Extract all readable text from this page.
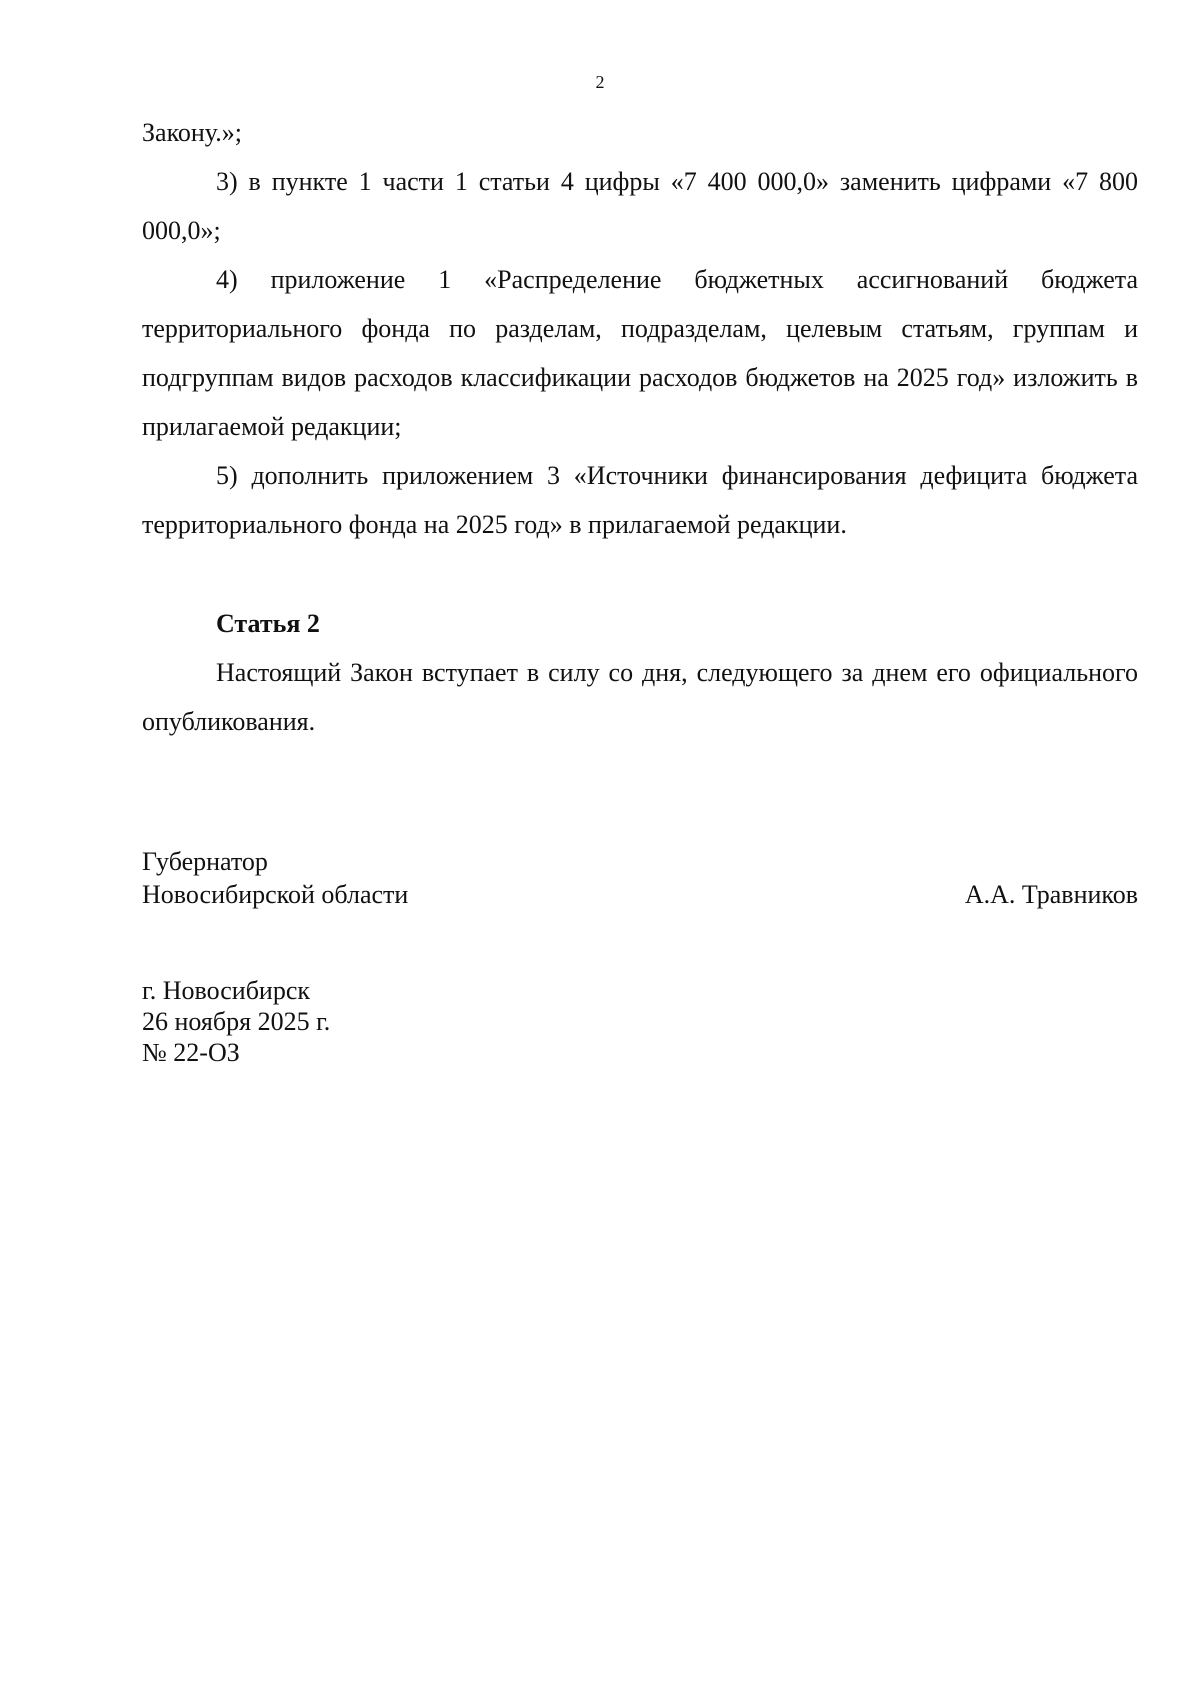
2

Закону.»;

3) в пункте 1 части 1 статьи 4 цифры «7 400 000,0» заменить цифрами «7 800 000,0»;

4) приложение 1 «Распределение бюджетных ассигнований бюджета территориального фонда по разделам, подразделам, целевым статьям, группам и подгруппам видов расходов классификации расходов бюджетов на 2025 год» изложить в прилагаемой редакции;

5) дополнить приложением 3 «Источники финансирования дефицита бюджета территориального фонда на 2025 год» в прилагаемой редакции.

Статья 2

Настоящий Закон вступает в силу со дня, следующего за днем его официального опубликования.

Губернатор
Новосибирской области	А.А. Травников
г. Новосибирск
26 ноября 2025 г.
№ 22-ОЗ
